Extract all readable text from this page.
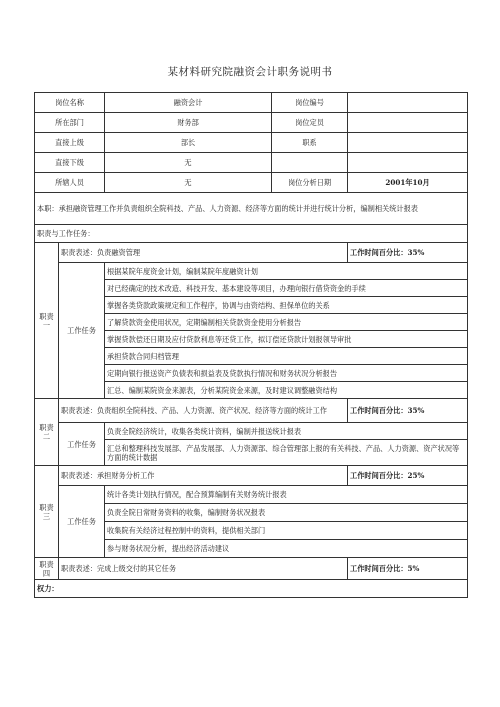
某材料研究院融资会计职务说明书
岗位名称		融资会计	岗位编号	
所在部门		财务部	岗位定员	
直接上级		部长	职系	
直接下级		无		
所辖人员		无	岗位分析日期	2001年10月
本职：承担融资管理工作并负责组织全院科技、产品、人力资源、经济等方面的统计并进行统计分析，编制相关统计报表				
职责与工作任务：				
职责一	职责表述：负责融资管理			工作时间百分比：35%
	工作任务	根据某院年度资金计划，编制某院年度融资计划		
		对已经确定的技术改造、科技开发、基本建设等项目，办理向银行借贷资金的手续		
		掌握各类贷款政策规定和工作程序，协调与由资结构、担保单位的关系		
		了解贷款资金使用状况，定期编制相关贷款资金使用分析报告		
		掌握贷款偿还日期及应付贷款利息等还贷工作，拟订偿还贷款计划报领导审批		
		承担贷款合同归档管理		
		定期向银行报送资产负债表和损益表及贷款执行情况和财务状况分析报告		
		汇总、编制某院资金来源表，分析某院资金来源，及时建议调整融资结构		
职责二	职责表述：负责组织全院科技、产品、人力资源、资产状况、经济等方面的统计工作			工作时间百分比：35%
	工作任务	负责全院经济统计，收集各类统计资料，编制并报送统计报表		
		汇总和整理科技发展部、产品发展部、人力资源部、综合管理部上报的有关科技、产品、人力资源、资产状况等方面的统计数据		
职责三	职责表述：承担财务分析工作			工作时间百分比：25%
	工作任务	统计各类计划执行情况，配合预算编制有关财务统计报表		
		负责全院日常财务资料的收集，编制财务状况报表		
		收集院有关经济过程控制中的资料，提供相关部门		
		参与财务状况分析，提出经济活动建议		
职责四	职责表述：完成上级交付的其它任务			工作时间百分比：5%
权力：				
